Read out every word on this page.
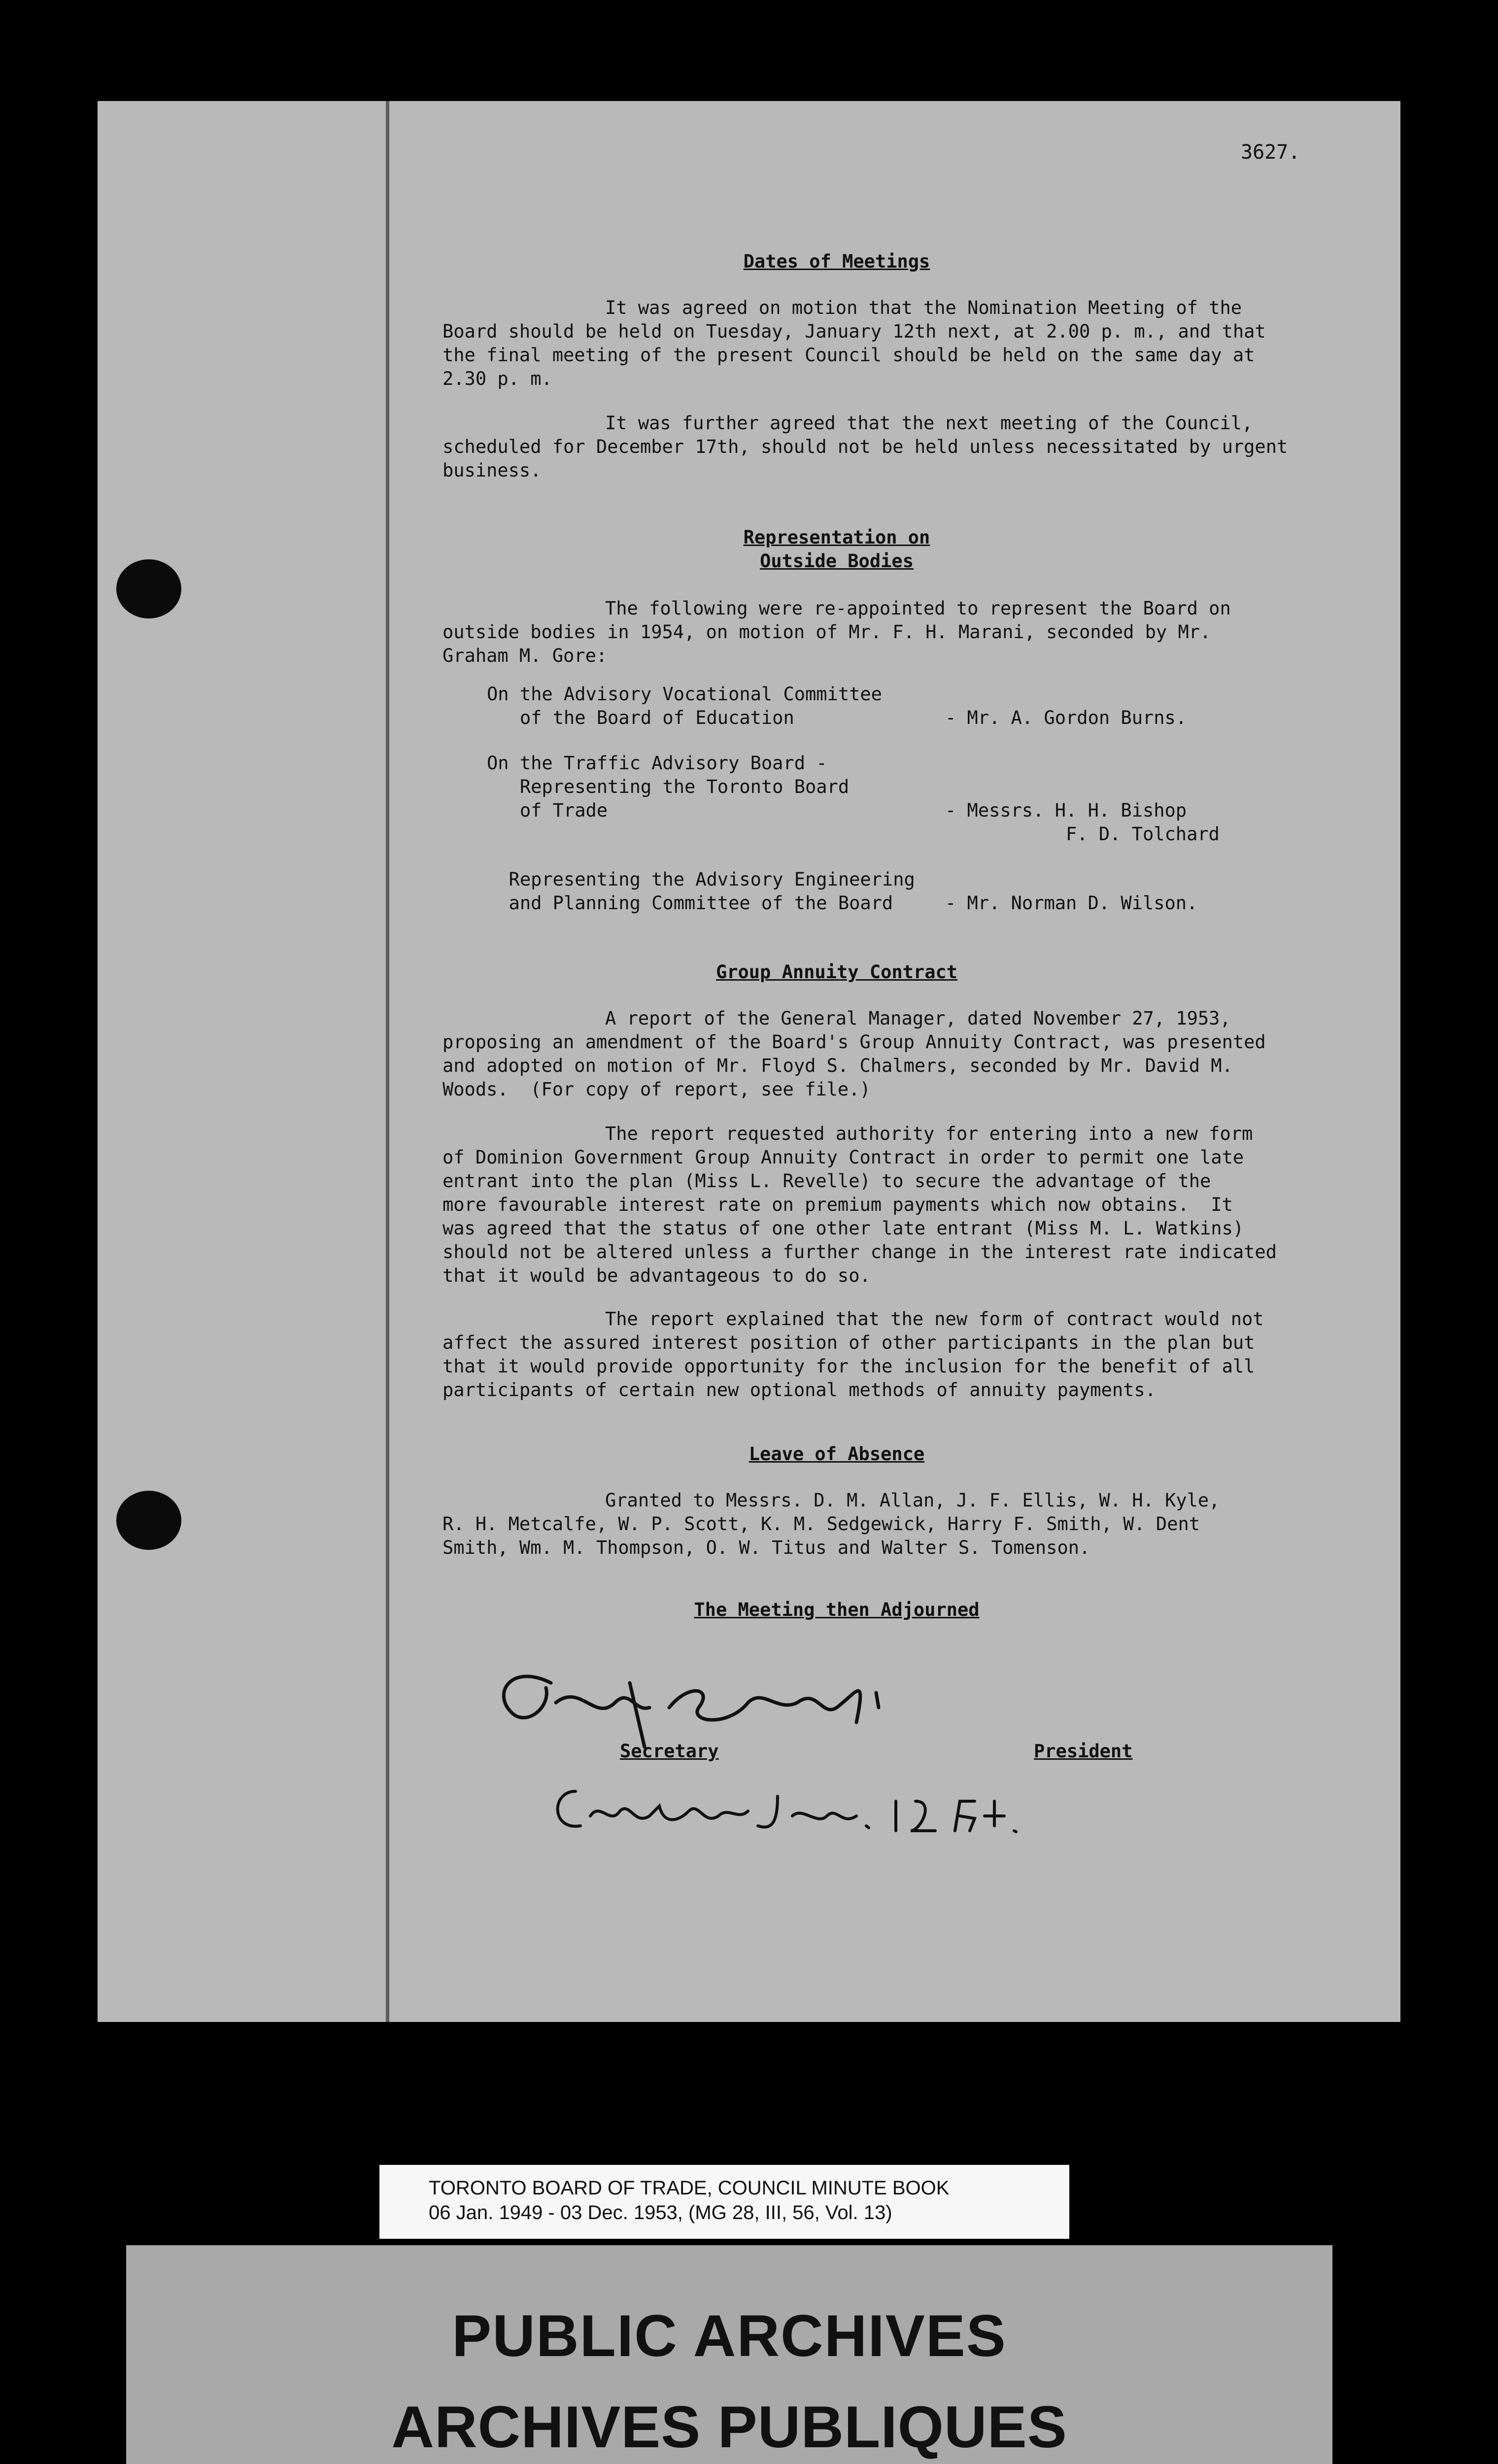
3627.
Dates of Meetings
It was agreed on motion that the Nomination Meeting of the
Board should be held on Tuesday, January 12th next, at 2.00 p. m., and that
the final meeting of the present Council should be held on the same day at
2.30 p. m.
It was further agreed that the next meeting of the Council,
scheduled for December 17th, should not be held unless necessitated by urgent
business.
Representation on
Outside Bodies
The following were re-appointed to represent the Board on
outside bodies in 1954, on motion of Mr. F. H. Marani, seconded by Mr.
Graham M. Gore:
On the Advisory Vocational Committee
of the Board of Education	- Mr. A. Gordon Burns.
On the Traffic Advisory Board -
Representing the Toronto Board
of Trade	- Messrs. H. H. Bishop
F. D. Tolchard
Representing the Advisory Engineering
and Planning Committee of the Board	- Mr. Norman D. Wilson.
Group Annuity Contract
A report of the General Manager, dated November 27, 1953,
proposing an amendment of the Board's Group Annuity Contract, was presented
and adopted on motion of Mr. Floyd S. Chalmers, seconded by Mr. David M.
Woods.  (For copy of report, see file.)
The report requested authority for entering into a new form
of Dominion Government Group Annuity Contract in order to permit one late
entrant into the plan (Miss L. Revelle) to secure the advantage of the
more favourable interest rate on premium payments which now obtains.  It
was agreed that the status of one other late entrant (Miss M. L. Watkins)
should not be altered unless a further change in the interest rate indicated
that it would be advantageous to do so.
The report explained that the new form of contract would not
affect the assured interest position of other participants in the plan but
that it would provide opportunity for the inclusion for the benefit of all
participants of certain new optional methods of annuity payments.
Leave of Absence
Granted to Messrs. D. M. Allan, J. F. Ellis, W. H. Kyle,
R. H. Metcalfe, W. P. Scott, K. M. Sedgewick, Harry F. Smith, W. Dent
Smith, Wm. M. Thompson, O. W. Titus and Walter S. Tomenson.
The Meeting then Adjourned
Secretary	President
TORONTO BOARD OF TRADE, COUNCIL MINUTE BOOK
06 Jan. 1949 - 03 Dec. 1953, (MG 28, III, 56, Vol. 13)
PUBLIC ARCHIVES
ARCHIVES PUBLIQUES
